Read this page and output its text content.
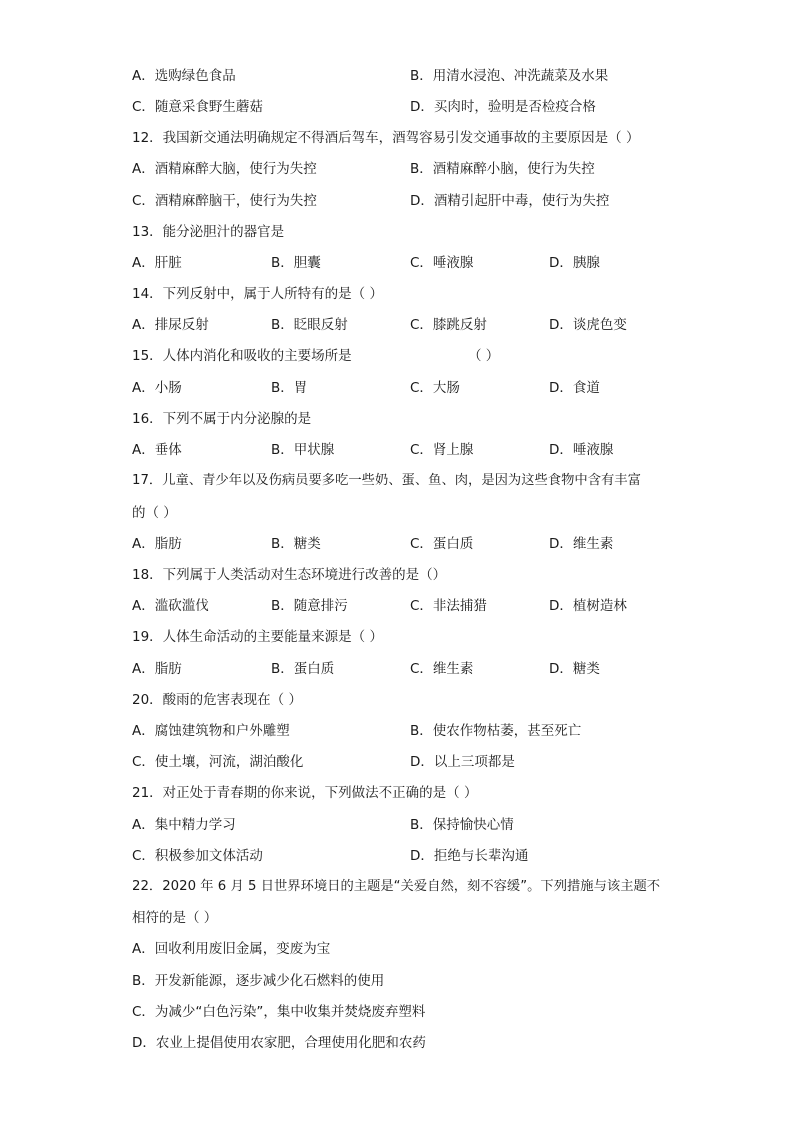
A．选购绿色食品	B．用清水浸泡、冲洗蔬菜及水果
C．随意采食野生蘑菇	D．买肉时，验明是否检疫合格
12．我国新交通法明确规定不得酒后驾车，酒驾容易引发交通事故的主要原因是（ ）
A．酒精麻醉大脑，使行为失控	B．酒精麻醉小脑，使行为失控
C．酒精麻醉脑干，使行为失控	D．酒精引起肝中毒，使行为失控
13．能分泌胆汁的器官是
A．肝脏	B．胆囊	C．唾液腺	D．胰腺
14．下列反射中，属于人所特有的是（ ）
A．排尿反射	B．眨眼反射	C．膝跳反射	D．谈虎色变
15．人体内消化和吸收的主要场所是	（ ）
A．小肠	B．胃	C．大肠	D．食道
16．下列不属于内分泌腺的是
A．垂体	B．甲状腺	C．肾上腺	D．唾液腺
17．儿童、青少年以及伤病员要多吃一些奶、蛋、鱼、肉，是因为这些食物中含有丰富
的（ ）
A．脂肪	B．糖类	C．蛋白质	D．维生素
18．下列属于人类活动对生态环境进行改善的是（）
A．滥砍滥伐	B．随意排污	C．非法捕猎	D．植树造林
19．人体生命活动的主要能量来源是（ ）
A．脂肪	B．蛋白质	C．维生素	D．糖类
20．酸雨的危害表现在（ ）
A．腐蚀建筑物和户外雕塑	B．使农作物枯萎，甚至死亡
C．使土壤，河流，湖泊酸化	D．以上三项都是
21．对正处于青春期的你来说，下列做法不正确的是（ ）
A．集中精力学习	B．保持愉快心情
C．积极参加文体活动	D．拒绝与长辈沟通
22．2020 年 6 月 5 日世界环境日的主题是“关爱自然，刻不容缓”。下列措施与该主题不
相符的是（ ）
A．回收利用废旧金属，变废为宝
B．开发新能源，逐步减少化石燃料的使用
C．为减少“白色污染”，集中收集并焚烧废弃塑料
D．农业上提倡使用农家肥，合理使用化肥和农药
